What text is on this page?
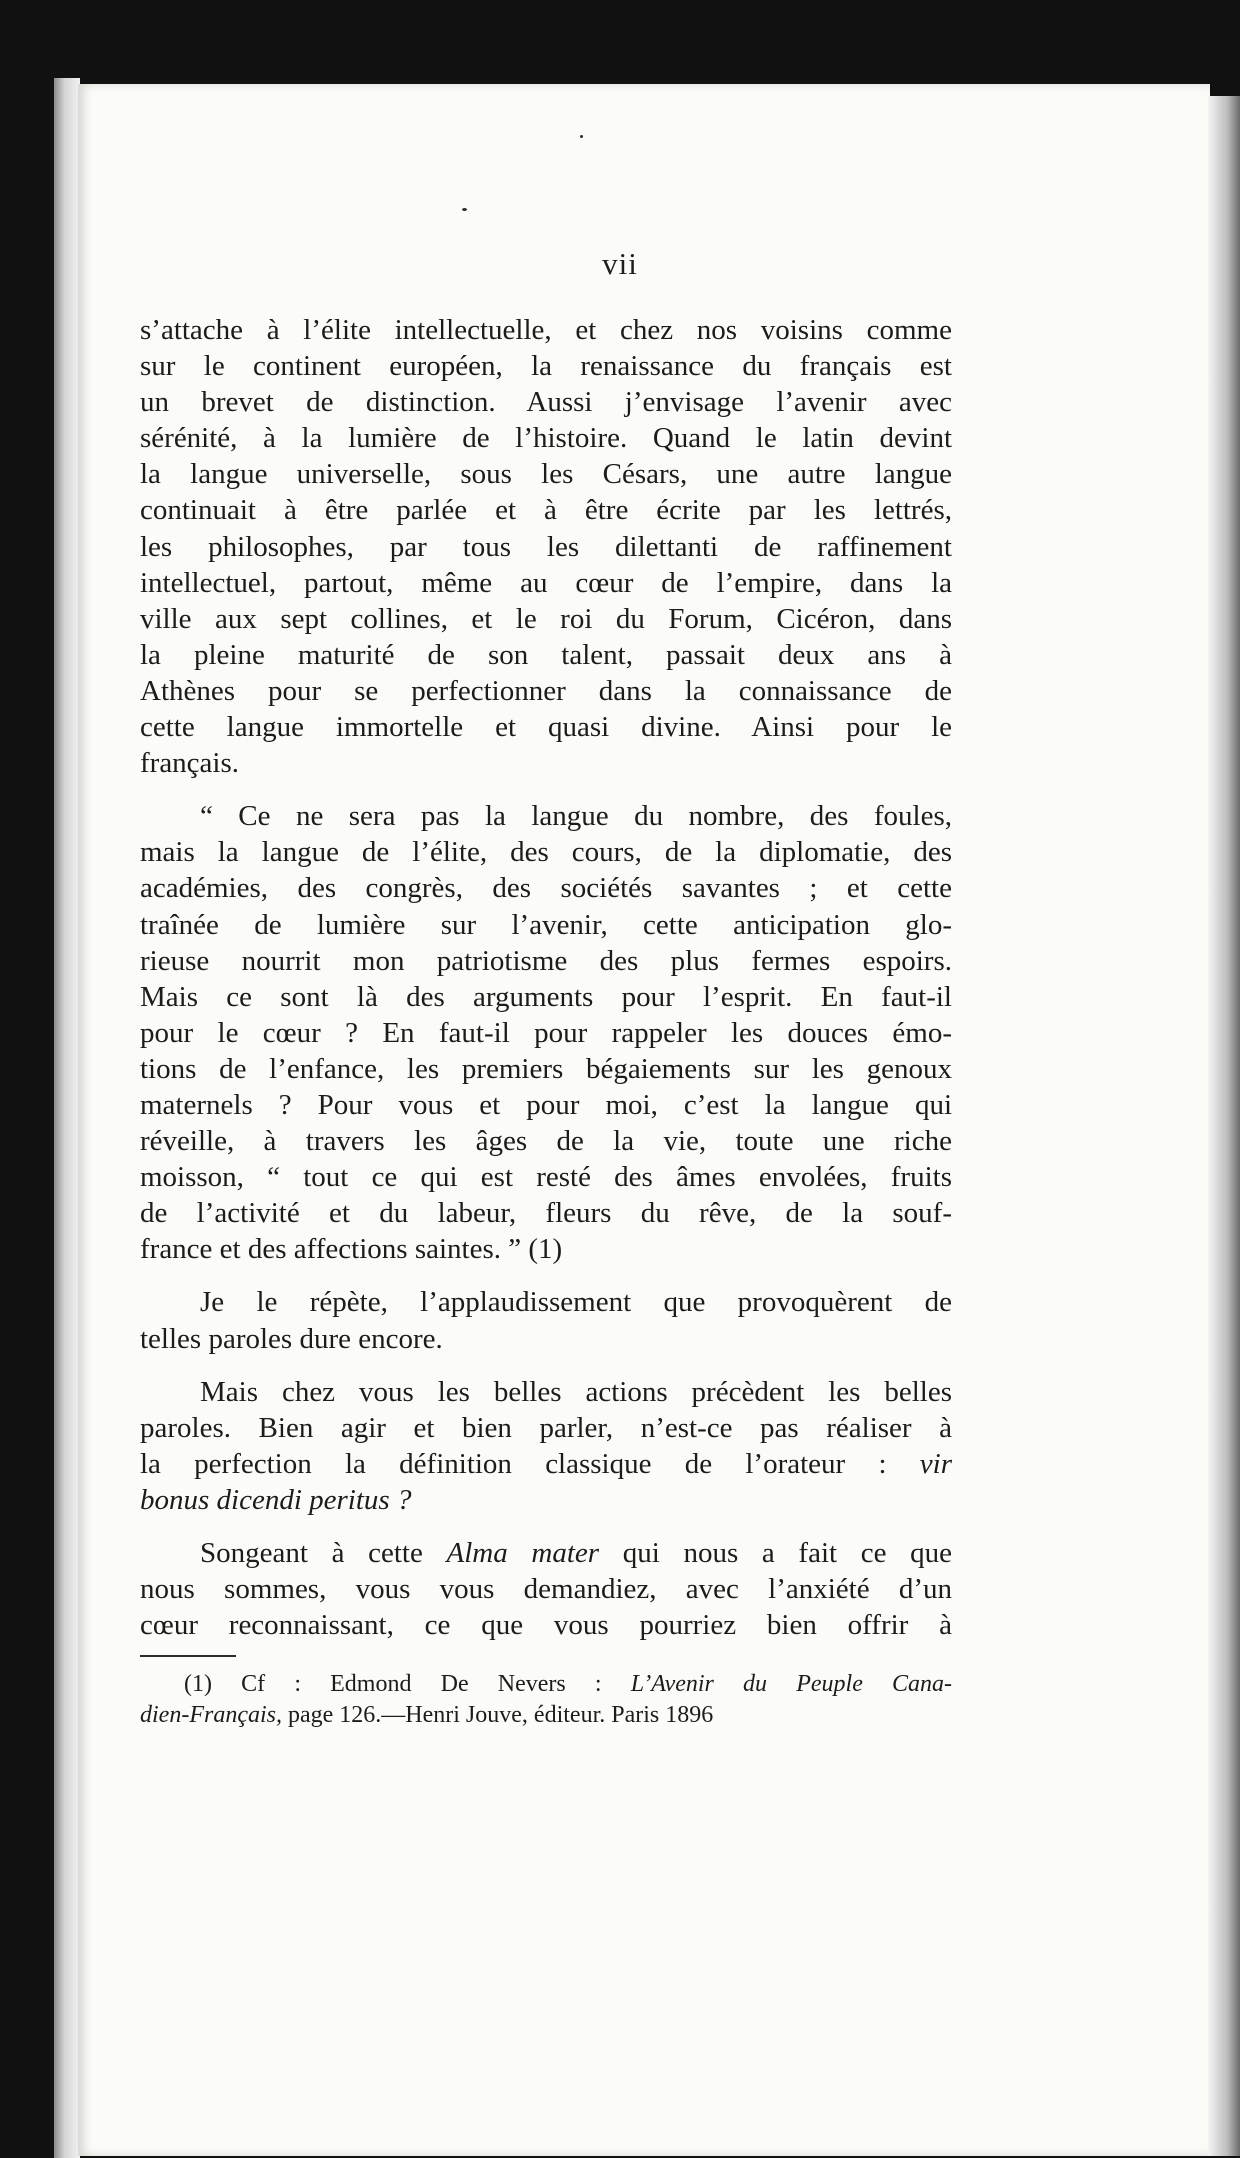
vii
s’attache à l’élite intellectuelle, et chez nos voisins comme
sur le continent européen, la renaissance du français est
un brevet de distinction. Aussi j’envisage l’avenir avec
sérénité, à la lumière de l’histoire. Quand le latin devint
la langue universelle, sous les Césars, une autre langue
continuait à être parlée et à être écrite par les lettrés,
les philosophes, par tous les dilettanti de raffinement
intellectuel, partout, même au cœur de l’empire, dans la
ville aux sept collines, et le roi du Forum, Cicéron, dans
la pleine maturité de son talent, passait deux ans à
Athènes pour se perfectionner dans la connaissance de
cette langue immortelle et quasi divine. Ainsi pour le
français.
“ Ce ne sera pas la langue du nombre, des foules,
mais la langue de l’élite, des cours, de la diplomatie, des
académies, des congrès, des sociétés savantes ; et cette
traînée de lumière sur l’avenir, cette anticipation glo-
rieuse nourrit mon patriotisme des plus fermes espoirs.
Mais ce sont là des arguments pour l’esprit. En faut-il
pour le cœur ? En faut-il pour rappeler les douces émo-
tions de l’enfance, les premiers bégaiements sur les genoux
maternels ? Pour vous et pour moi, c’est la langue qui
réveille, à travers les âges de la vie, toute une riche
moisson, “ tout ce qui est resté des âmes envolées, fruits
de l’activité et du labeur, fleurs du rêve, de la souf-
france et des affections saintes. ” (1)
Je le répète, l’applaudissement que provoquèrent de
telles paroles dure encore.
Mais chez vous les belles actions précèdent les belles
paroles. Bien agir et bien parler, n’est-ce pas réaliser à
la perfection la définition classique de l’orateur : vir
bonus dicendi peritus ?
Songeant à cette Alma mater qui nous a fait ce que
nous sommes, vous vous demandiez, avec l’anxiété d’un
cœur reconnaissant, ce que vous pourriez bien offrir à
(1) Cf : Edmond De Nevers : L’Avenir du Peuple Cana-
dien-Français, page 126.—Henri Jouve, éditeur. Paris 1896
